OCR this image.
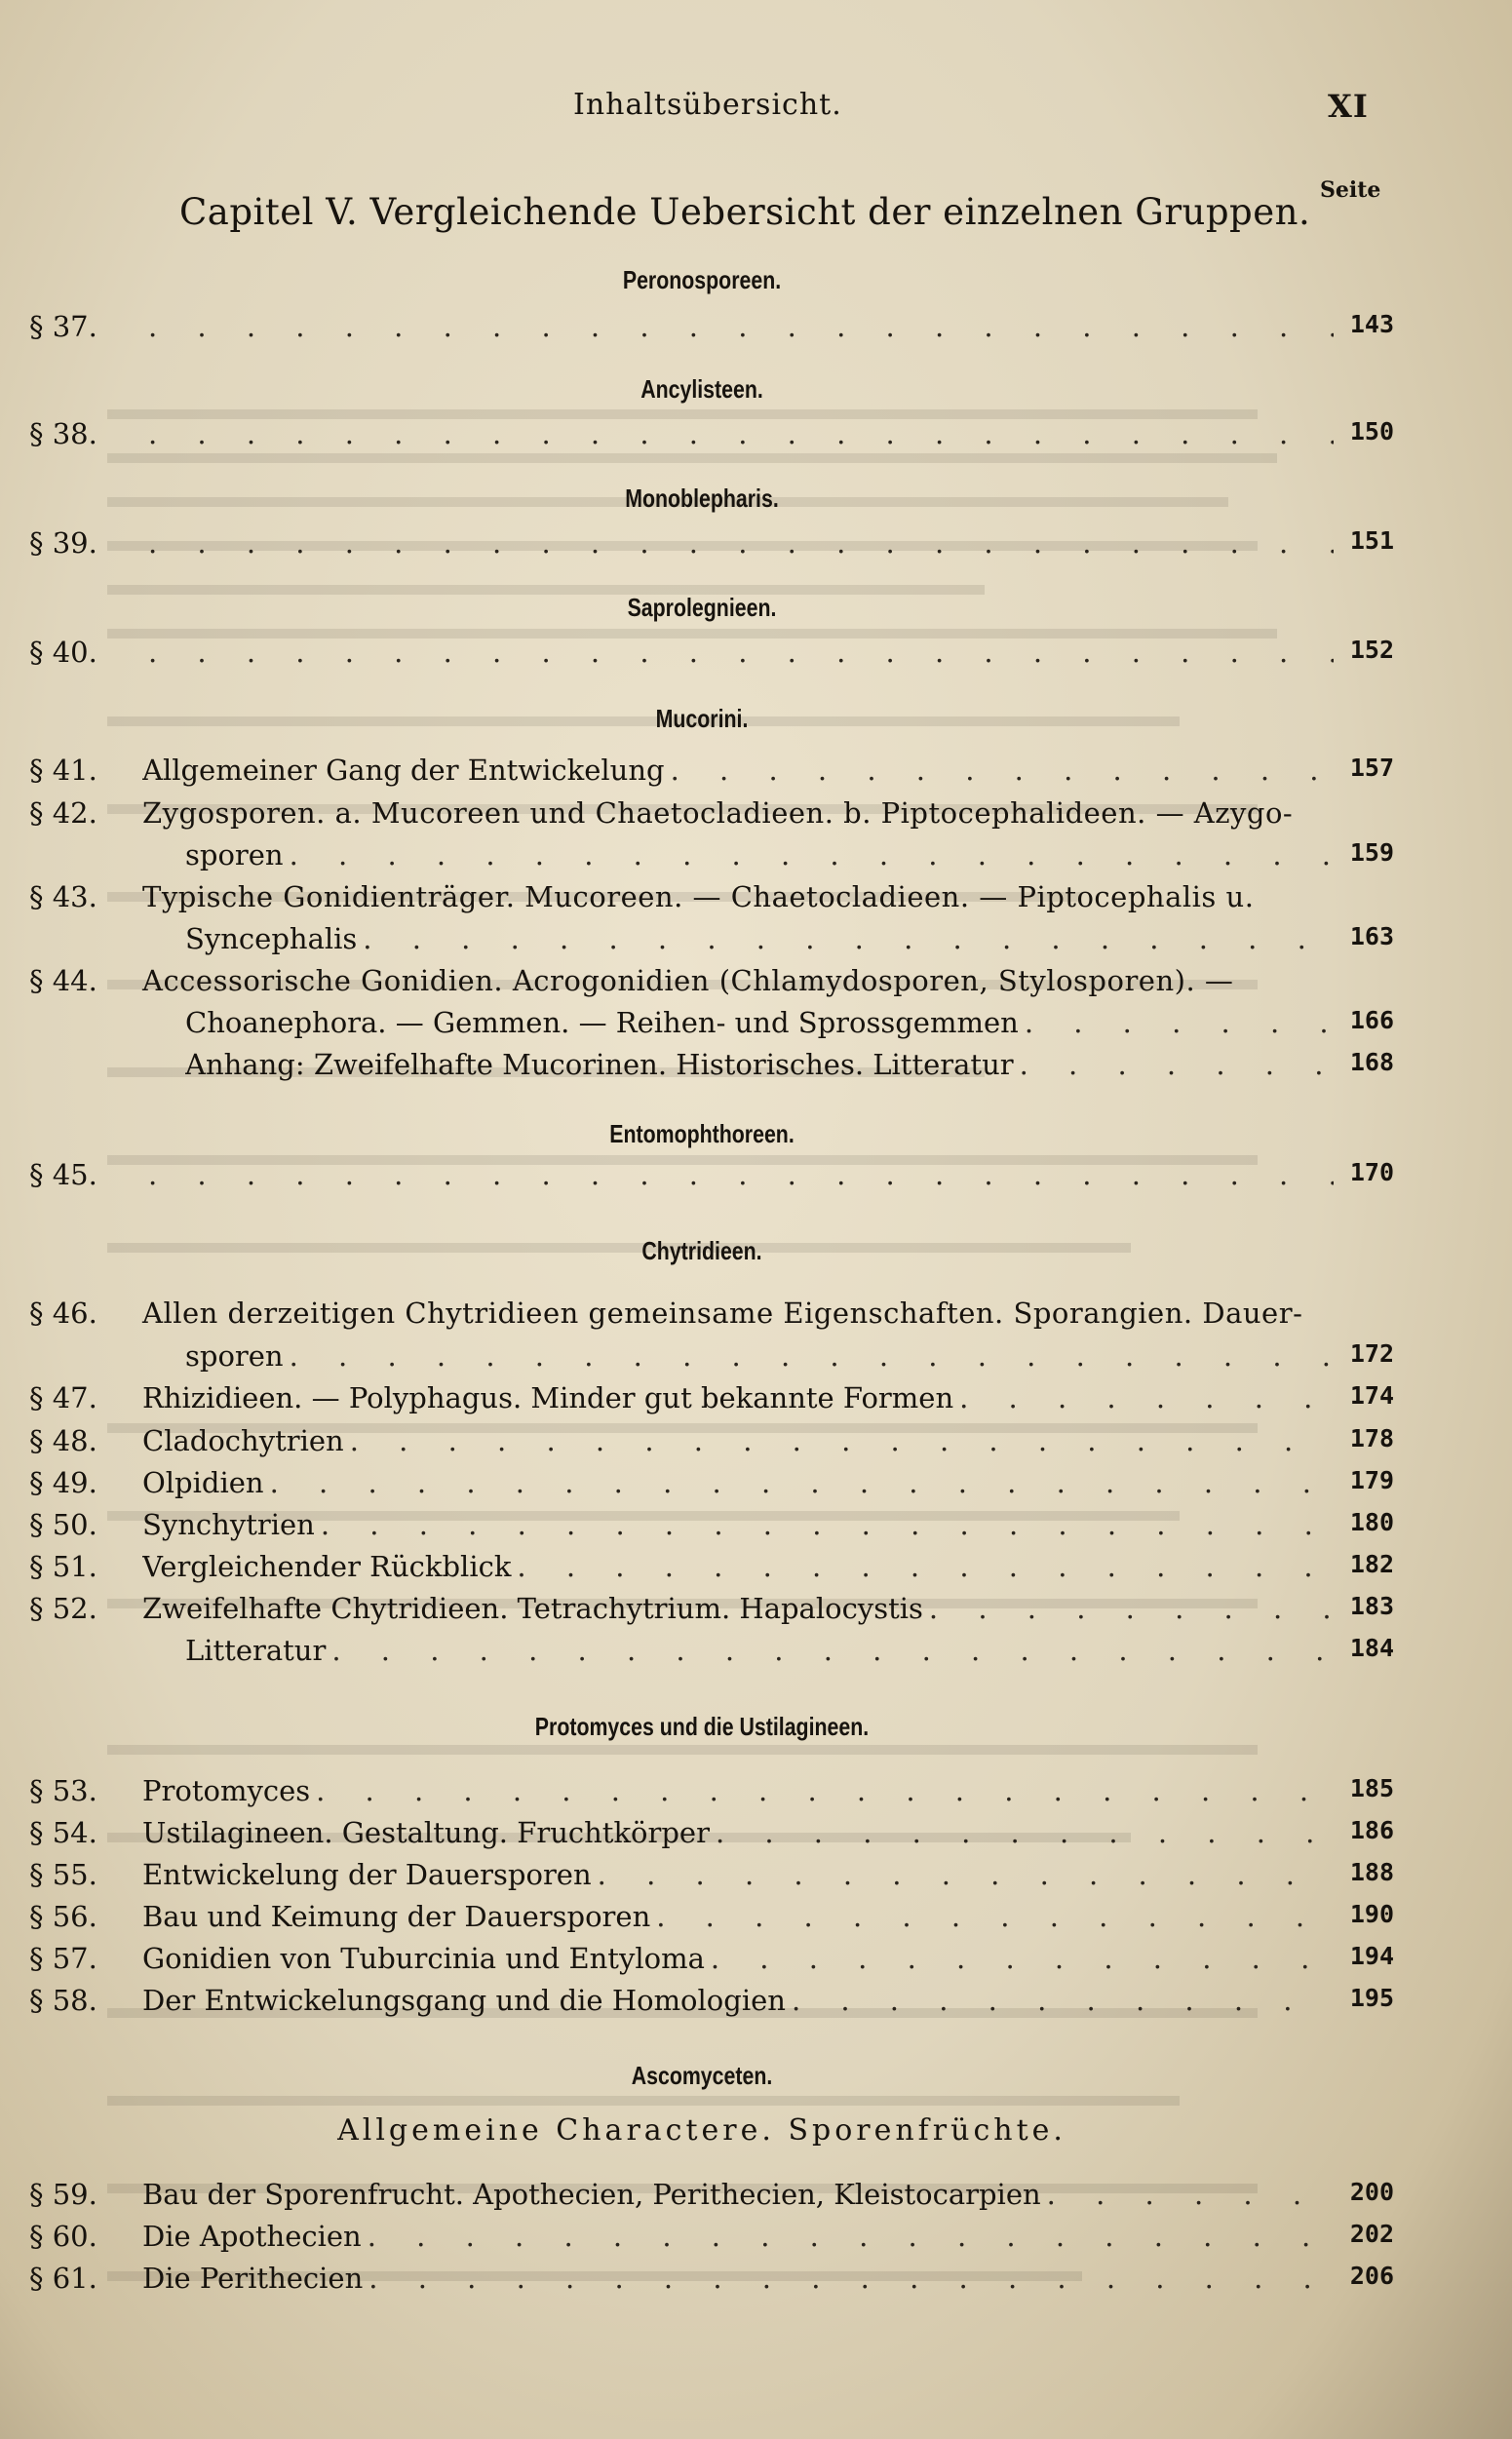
Inhaltsübersicht.	XI
Seite
Capitel V. Vergleichende Uebersicht der einzelnen Gruppen.
Peronosporeen.
§ 37. . . .	143
Ancylisteen.
§ 38. . . .	150
Monoblepharis.
§ 39. . . .	151
Saprolegnieen.
§ 40. . . .	152
Mucorini.
§ 41.	Allgemeiner Gang der Entwickelung . . .	157
§ 42.	Zygosporen. a. Mucoreen und Chaetocladieen. b. Piptocephalideen. — Azygo-
sporen . . .	159
§ 43.	Typische Gonidienträger. Mucoreen. — Chaetocladieen. — Piptocephalis u.
Syncephalis . . .	163
§ 44.	Accessorische Gonidien. Acrogonidien (Chlamydosporen, Stylosporen). —
Choanephora. — Gemmen. — Reihen- und Sprossgemmen . . .	166
Anhang: Zweifelhafte Mucorinen. Historisches. Litteratur . . .	168
Entomophthoreen.
§ 45. . . .	170
Chytridieen.
§ 46.	Allen derzeitigen Chytridieen gemeinsame Eigenschaften. Sporangien. Dauer-
sporen . . .	172
§ 47.	Rhizidieen. — Polyphagus. Minder gut bekannte Formen . . .	174
§ 48.	Cladochytrien . . .	178
§ 49.	Olpidien . . .	179
§ 50.	Synchytrien . . .	180
§ 51.	Vergleichender Rückblick . . .	182
§ 52.	Zweifelhafte Chytridieen. Tetrachytrium. Hapalocystis . . .	183
Litteratur . . .	184
Protomyces und die Ustilagineen.
§ 53.	Protomyces . . .	185
§ 54.	Ustilagineen. Gestaltung. Fruchtkörper . . .	186
§ 55.	Entwickelung der Dauersporen . . .	188
§ 56.	Bau und Keimung der Dauersporen . . .	190
§ 57.	Gonidien von Tuburcinia und Entyloma . . .	194
§ 58.	Der Entwickelungsgang und die Homologien . . .	195
Ascomyceten.
Allgemeine Charactere. Sporenfrüchte.
§ 59.	Bau der Sporenfrucht. Apothecien, Perithecien, Kleistocarpien . . .	200
§ 60.	Die Apothecien . . .	202
§ 61.	Die Perithecien . . .	206
